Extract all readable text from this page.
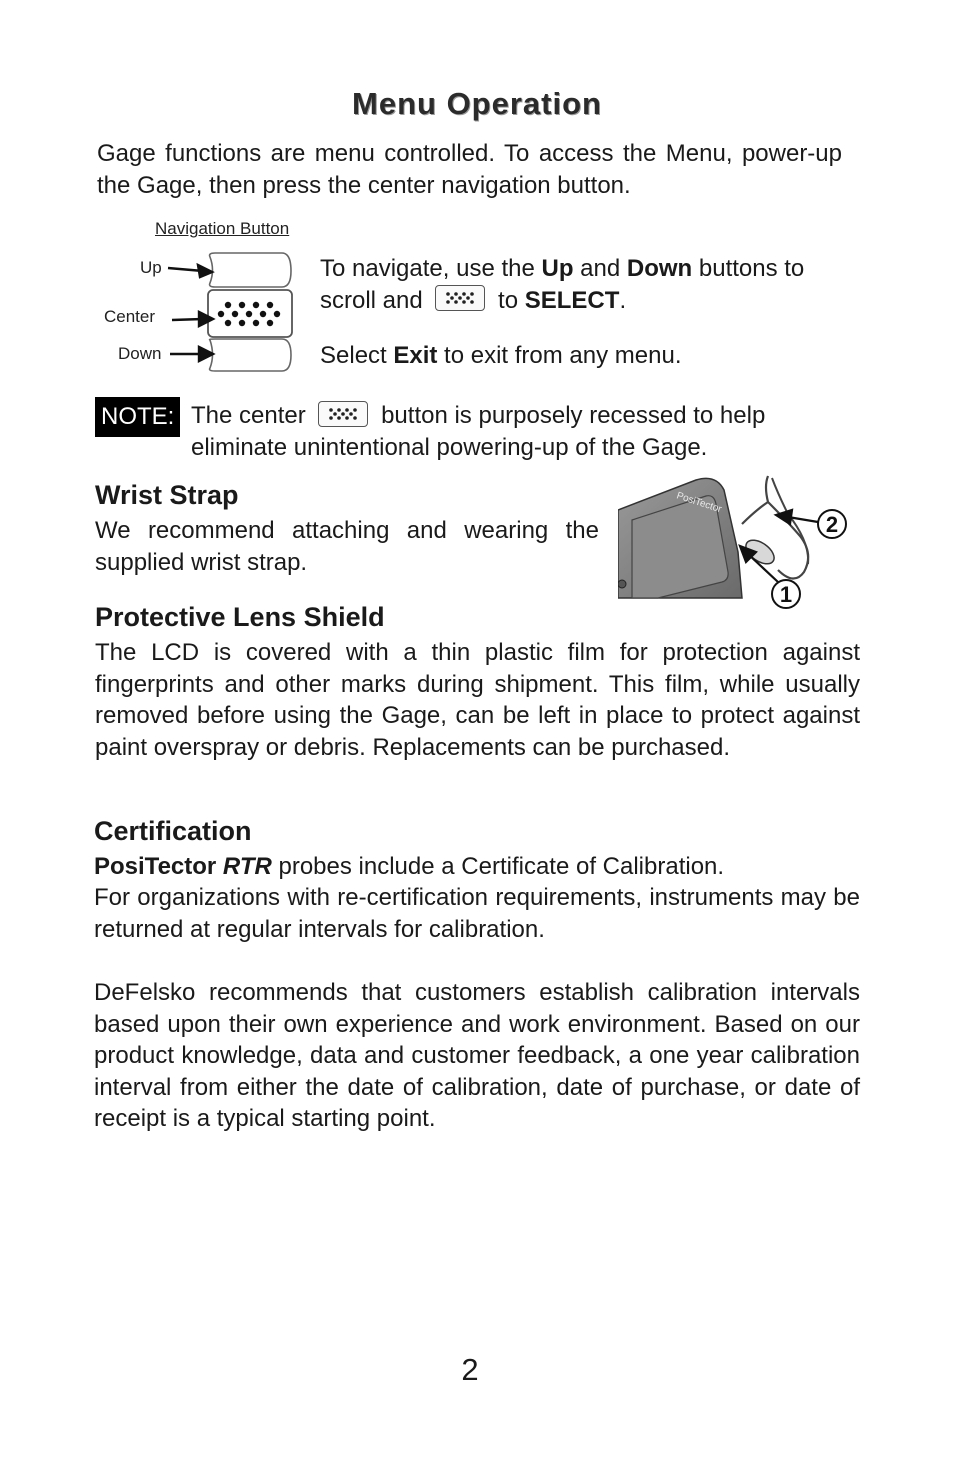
Menu Operation
Gage functions are menu controlled. To access the Menu, power-up the Gage, then press the center navigation button.
Navigation Button
Up
Center
Down
To navigate, use the Up and Down buttons to scroll and	to SELECT.
Select Exit to exit from any menu.
NOTE: The center	button is purposely recessed to help eliminate unintentional powering-up of the Gage.
Wrist Strap
We recommend attaching and wearing the supplied wrist strap.
PosiTector
2
1
Protective Lens Shield
The LCD is covered with a thin plastic film for protection against fingerprints and other marks during shipment. This film, while usually removed before using the Gage, can be left in place to protect against paint overspray or debris. Replacements can be purchased.
Certification
PosiTector RTR probes include a Certificate of Calibration.
For organizations with re-certification requirements, instruments may be returned at regular intervals for calibration.
DeFelsko recommends that customers establish calibration intervals based upon their own experience and work environment. Based on our product knowledge, data and customer feedback, a one year calibration interval from either the date of calibration, date of purchase, or date of receipt is a typical starting point.
2
